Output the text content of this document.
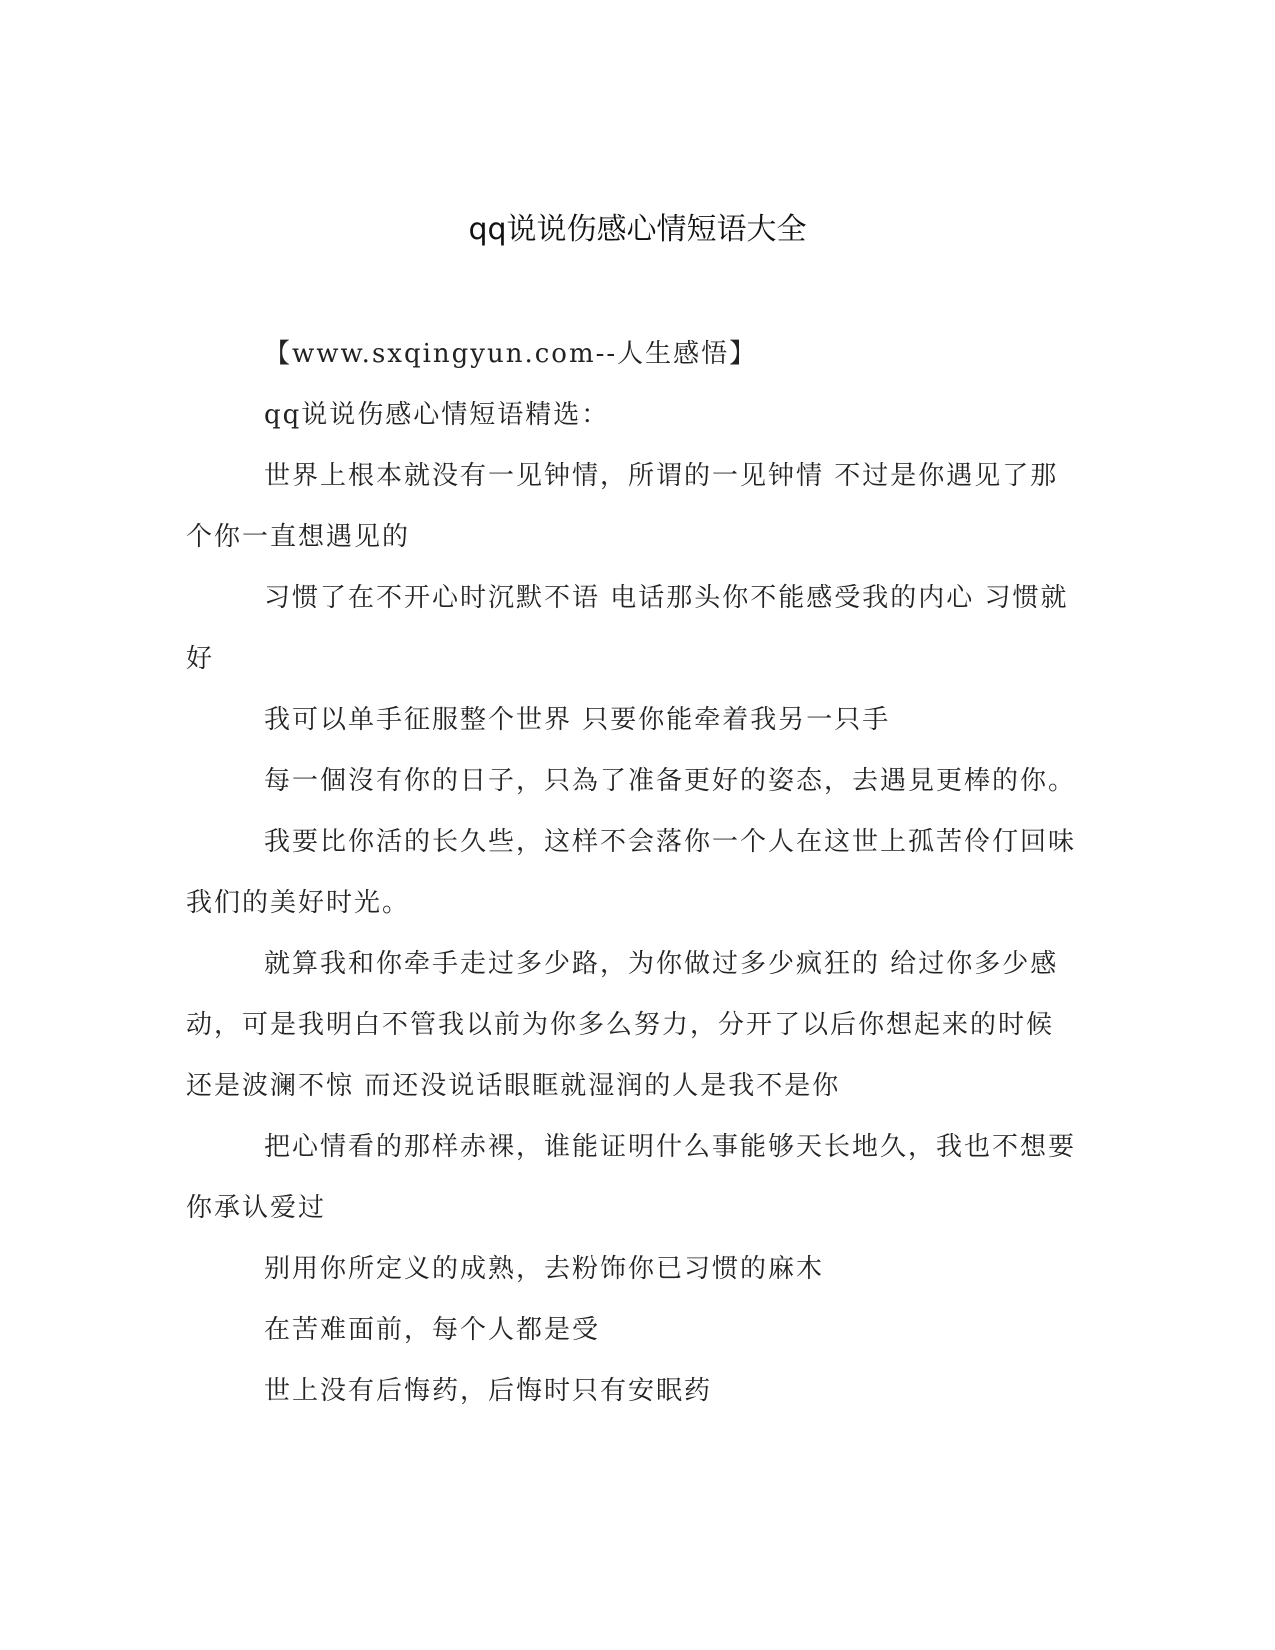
qq说说伤感心情短语大全

【www.sxqingyun.com--人生感悟】

qq说说伤感心情短语精选：

世界上根本就没有一见钟情，所谓的一见钟情 不过是你遇见了那个你一直想遇见的

习惯了在不开心时沉默不语 电话那头你不能感受我的内心 习惯就好

我可以单手征服整个世界 只要你能牵着我另一只手

每一個沒有你的日子，只為了准备更好的姿态，去遇見更棒的你。

我要比你活的长久些，这样不会落你一个人在这世上孤苦伶仃回味我们的美好时光。

就算我和你牵手走过多少路，为你做过多少疯狂的 给过你多少感动，可是我明白不管我以前为你多么努力，分开了以后你想起来的时候还是波澜不惊 而还没说话眼眶就湿润的人是我不是你

把心情看的那样赤裸，谁能证明什么事能够天长地久，我也不想要你承认爱过

别用你所定义的成熟，去粉饰你已习惯的麻木

在苦难面前，每个人都是受

世上没有后悔药，后悔时只有安眠药
